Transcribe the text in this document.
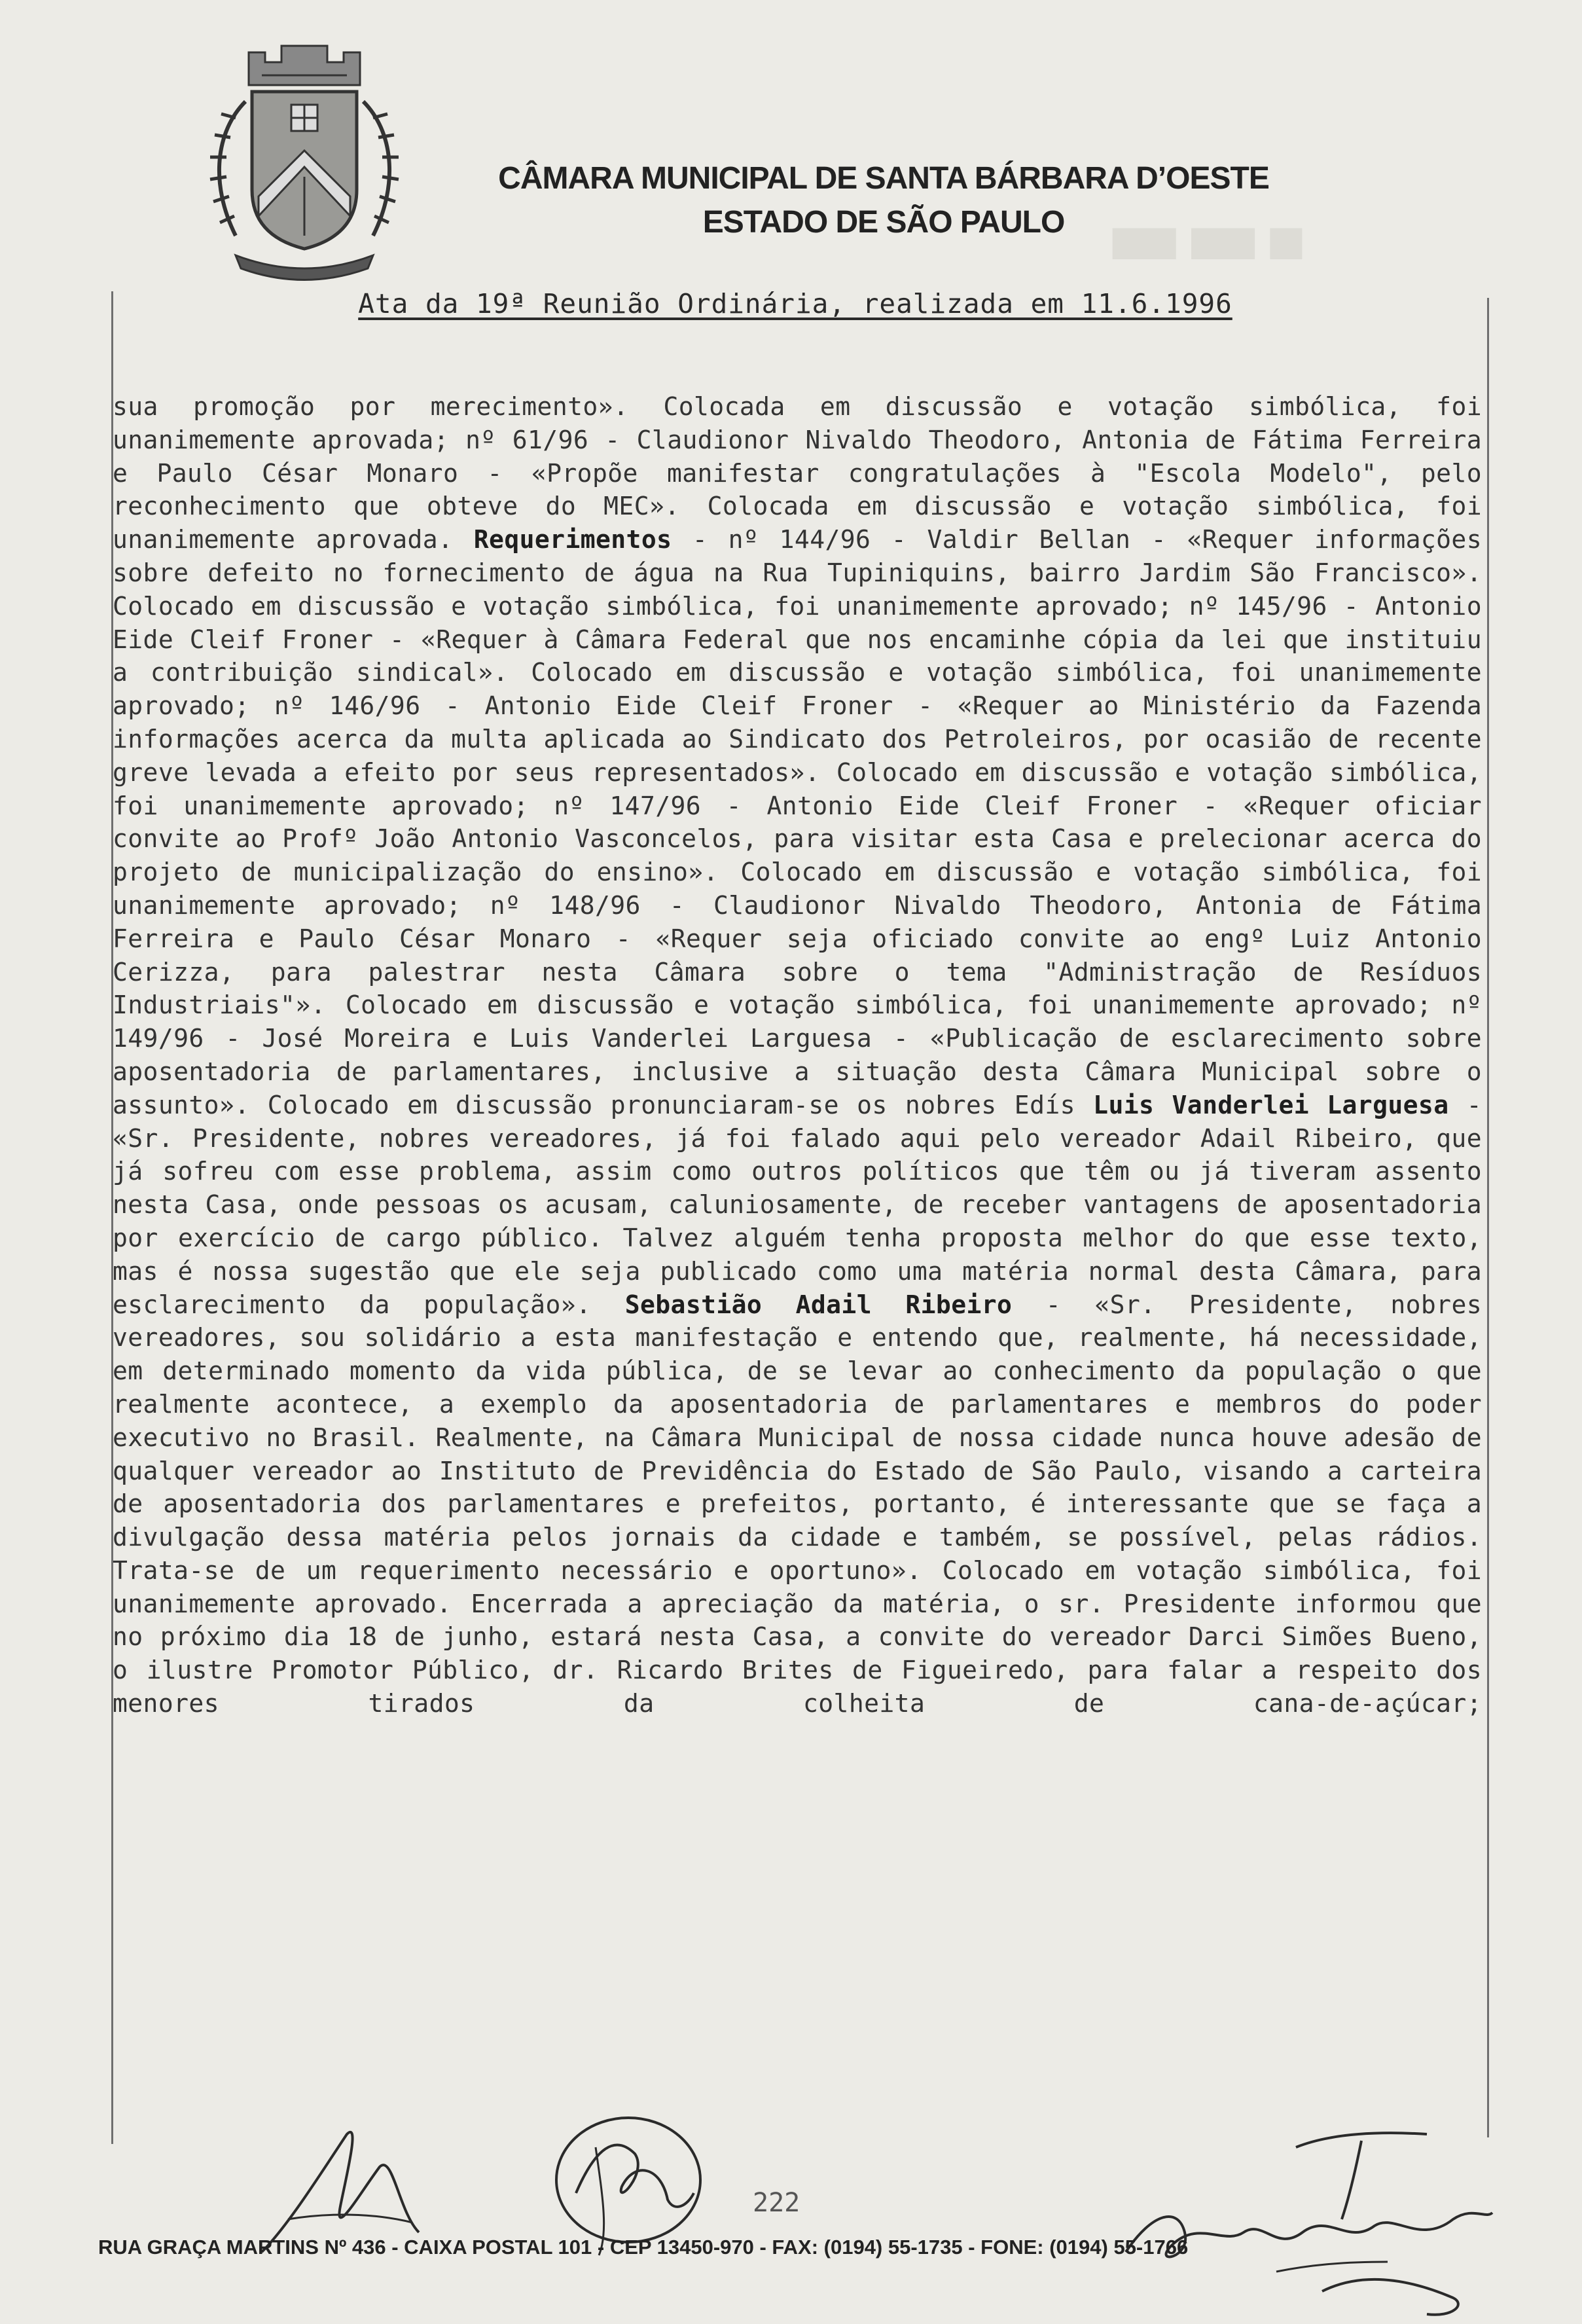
CÂMARA MUNICIPAL DE SANTA BÁRBARA D’OESTE
ESTADO DE SÃO PAULO
██ ████ ████
Ata da 19ª Reunião Ordinária, realizada em 11.6.1996

sua promoção por merecimento». Colocada em discussão e votação simbólica, foi unanimemente aprovada; nº 61/96 - Claudionor Nivaldo Theodoro, Antonia de Fátima Ferreira e Paulo César Monaro - «Propõe manifestar congratulações à "Escola Modelo", pelo reconhecimento que obteve do MEC». Colocada em discussão e votação simbólica, foi unanimemente aprovada. Requerimentos - nº 144/96 - Valdir Bellan - «Requer informações sobre defeito no fornecimento de água na Rua Tupiniquins, bairro Jardim São Francisco». Colocado em discussão e votação simbólica, foi unanimemente aprovado; nº 145/96 - Antonio Eide Cleif Froner - «Requer à Câmara Federal que nos encaminhe cópia da lei que instituiu a contribuição sindical». Colocado em discussão e votação simbólica, foi unanimemente aprovado; nº 146/96 - Antonio Eide Cleif Froner - «Requer ao Ministério da Fazenda informações acerca da multa aplicada ao Sindicato dos Petroleiros, por ocasião de recente greve levada a efeito por seus representados». Colocado em discussão e votação simbólica, foi unanimemente aprovado; nº 147/96 - Antonio Eide Cleif Froner - «Requer oficiar convite ao Profº João Antonio Vasconcelos, para visitar esta Casa e prelecionar acerca do projeto de municipalização do ensino». Colocado em discussão e votação simbólica, foi unanimemente aprovado; nº 148/96 - Claudionor Nivaldo Theodoro, Antonia de Fátima Ferreira e Paulo César Monaro - «Requer seja oficiado convite ao engº Luiz Antonio Cerizza, para palestrar nesta Câmara sobre o tema "Administração de Resíduos Industriais"». Colocado em discussão e votação simbólica, foi unanimemente aprovado; nº 149/96 - José Moreira e Luis Vanderlei Larguesa - «Publicação de esclarecimento sobre aposentadoria de parlamentares, inclusive a situação desta Câmara Municipal sobre o assunto». Colocado em discussão pronunciaram-se os nobres Edís Luis Vanderlei Larguesa - «Sr. Presidente, nobres vereadores, já foi falado aqui pelo vereador Adail Ribeiro, que já sofreu com esse problema, assim como outros políticos que têm ou já tiveram assento nesta Casa, onde pessoas os acusam, caluniosamente, de receber vantagens de aposentadoria por exercício de cargo público. Talvez alguém tenha proposta melhor do que esse texto, mas é nossa sugestão que ele seja publicado como uma matéria normal desta Câmara, para esclarecimento da população». Sebastião Adail Ribeiro - «Sr. Presidente, nobres vereadores, sou solidário a esta manifestação e entendo que, realmente, há necessidade, em determinado momento da vida pública, de se levar ao conhecimento da população o que realmente acontece, a exemplo da aposentadoria de parlamentares e membros do poder executivo no Brasil. Realmente, na Câmara Municipal de nossa cidade nunca houve adesão de qualquer vereador ao Instituto de Previdência do Estado de São Paulo, visando a carteira de aposentadoria dos parlamentares e prefeitos, portanto, é interessante que se faça a divulgação dessa matéria pelos jornais da cidade e também, se possível, pelas rádios. Trata-se de um requerimento necessário e oportuno». Colocado em votação simbólica, foi unanimemente aprovado. Encerrada a apreciação da matéria, o sr. Presidente informou que no próximo dia 18 de junho, estará nesta Casa, a convite do vereador Darci Simões Bueno, o ilustre Promotor Público, dr. Ricardo Brites de Figueiredo, para falar a respeito dos menores tirados da colheita de cana-de-açúcar;

222
RUA GRAÇA MARTINS Nº 436 - CAIXA POSTAL 101 - CEP 13450-970 - FAX: (0194) 55-1735 - FONE: (0194) 55-1766
